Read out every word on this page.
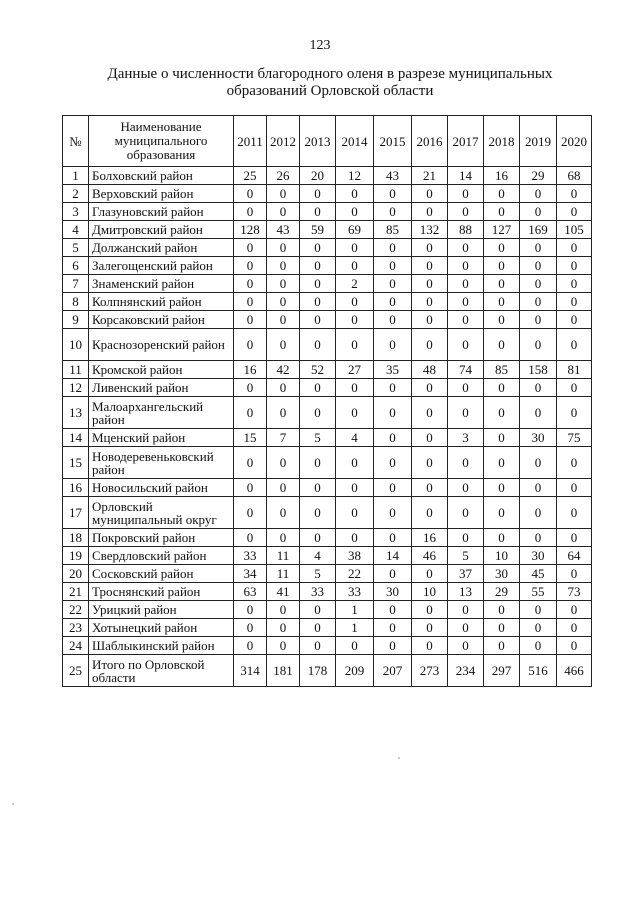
123
Данные о численности благородного оленя в разрезе муниципальных
образований Орловской области
№	Наименование муниципального образования	2011	2012	2013	2014	2015	2016	2017	2018	2019	2020
1	Болховский район	25	26	20	12	43	21	14	16	29	68
2	Верховский район	0	0	0	0	0	0	0	0	0	0
3	Глазуновский район	0	0	0	0	0	0	0	0	0	0
4	Дмитровский район	128	43	59	69	85	132	88	127	169	105
5	Должанский район	0	0	0	0	0	0	0	0	0	0
6	Залегощенский район	0	0	0	0	0	0	0	0	0	0
7	Знаменский район	0	0	0	2	0	0	0	0	0	0
8	Колпнянский район	0	0	0	0	0	0	0	0	0	0
9	Корсаковский район	0	0	0	0	0	0	0	0	0	0
10	Краснозоренский район	0	0	0	0	0	0	0	0	0	0
11	Кромской район	16	42	52	27	35	48	74	85	158	81
12	Ливенский район	0	0	0	0	0	0	0	0	0	0
13	Малоархангельский район	0	0	0	0	0	0	0	0	0	0
14	Мценский район	15	7	5	4	0	0	3	0	30	75
15	Новодеревеньковский район	0	0	0	0	0	0	0	0	0	0
16	Новосильский район	0	0	0	0	0	0	0	0	0	0
17	Орловский муниципальный округ	0	0	0	0	0	0	0	0	0	0
18	Покровский район	0	0	0	0	0	16	0	0	0	0
19	Свердловский район	33	11	4	38	14	46	5	10	30	64
20	Сосковский район	34	11	5	22	0	0	37	30	45	0
21	Троснянский район	63	41	33	33	30	10	13	29	55	73
22	Урицкий район	0	0	0	1	0	0	0	0	0	0
23	Хотынецкий район	0	0	0	1	0	0	0	0	0	0
24	Шаблыкинский район	0	0	0	0	0	0	0	0	0	0
25	Итого по Орловской области	314	181	178	209	207	273	234	297	516	466
